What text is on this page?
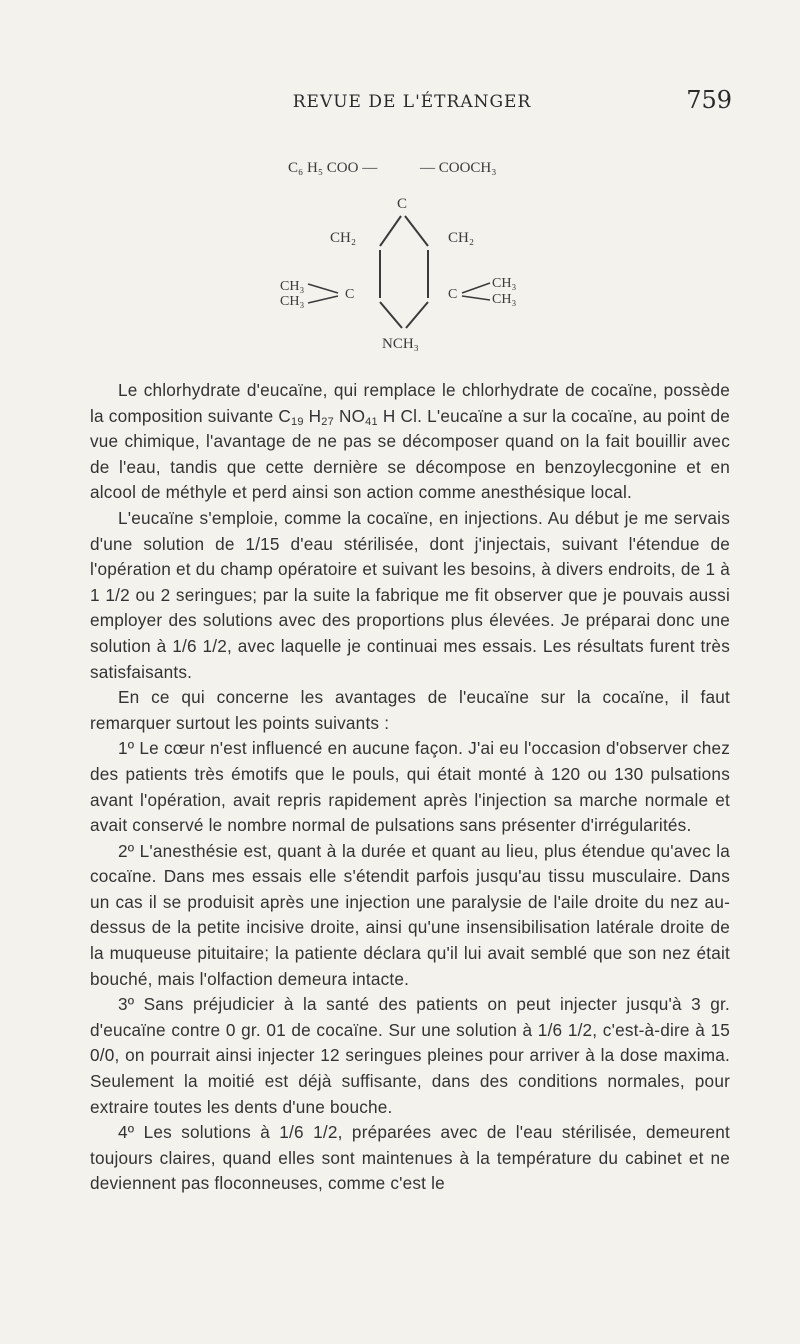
REVUE DE L'ÉTRANGER	759
C₆ H₅ COO —	— COOCH₃
C
CH₂	CH₂
CH₃
CH₃	C	C
CH₃
CH₃
NCH₃

Le chlorhydrate d'eucaïne, qui remplace le chlorhydrate de cocaïne, possède la composition suivante $C_{19}$ $H_{27}$ $NO_{41}$ H Cl. L'eucaïne a sur la cocaïne, au point de vue chimique, l'avantage de ne pas se décomposer quand on la fait bouillir avec de l'eau, tandis que cette dernière se décompose en benzoylecgonine et en alcool de méthyle et perd ainsi son action comme anesthésique local.

L'eucaïne s'emploie, comme la cocaïne, en injections. Au début je me servais d'une solution de 1/15 d'eau stérilisée, dont j'injectais, suivant l'étendue de l'opération et du champ opératoire et suivant les besoins, à divers endroits, de 1 à 1 1/2 ou 2 seringues; par la suite la fabrique me fit observer que je pouvais aussi employer des solutions avec des proportions plus élevées. Je préparai donc une solution à 1/6 1/2, avec laquelle je continuai mes essais. Les résultats furent très satisfaisants.

En ce qui concerne les avantages de l'eucaïne sur la cocaïne, il faut remarquer surtout les points suivants :

1º Le cœur n'est influencé en aucune façon. J'ai eu l'occasion d'observer chez des patients très émotifs que le pouls, qui était monté à 120 ou 130 pulsations avant l'opération, avait repris rapidement après l'injection sa marche normale et avait conservé le nombre normal de pulsations sans présenter d'irrégularités.

2º L'anesthésie est, quant à la durée et quant au lieu, plus étendue qu'avec la cocaïne. Dans mes essais elle s'étendit parfois jusqu'au tissu musculaire. Dans un cas il se produisit après une injection une paralysie de l'aile droite du nez au-dessus de la petite incisive droite, ainsi qu'une insensibilisation latérale droite de la muqueuse pituitaire; la patiente déclara qu'il lui avait semblé que son nez était bouché, mais l'olfaction demeura intacte.

3º Sans préjudicier à la santé des patients on peut injecter jusqu'à 3 gr. d'eucaïne contre 0 gr. 01 de cocaïne. Sur une solution à 1/6 1/2, c'est-à-dire à 15 0/0, on pourrait ainsi injecter 12 seringues pleines pour arriver à la dose maxima. Seulement la moitié est déjà suffisante, dans des conditions normales, pour extraire toutes les dents d'une bouche.

4º Les solutions à 1/6 1/2, préparées avec de l'eau stérilisée, demeurent toujours claires, quand elles sont maintenues à la température du cabinet et ne deviennent pas floconneuses, comme c'est le
